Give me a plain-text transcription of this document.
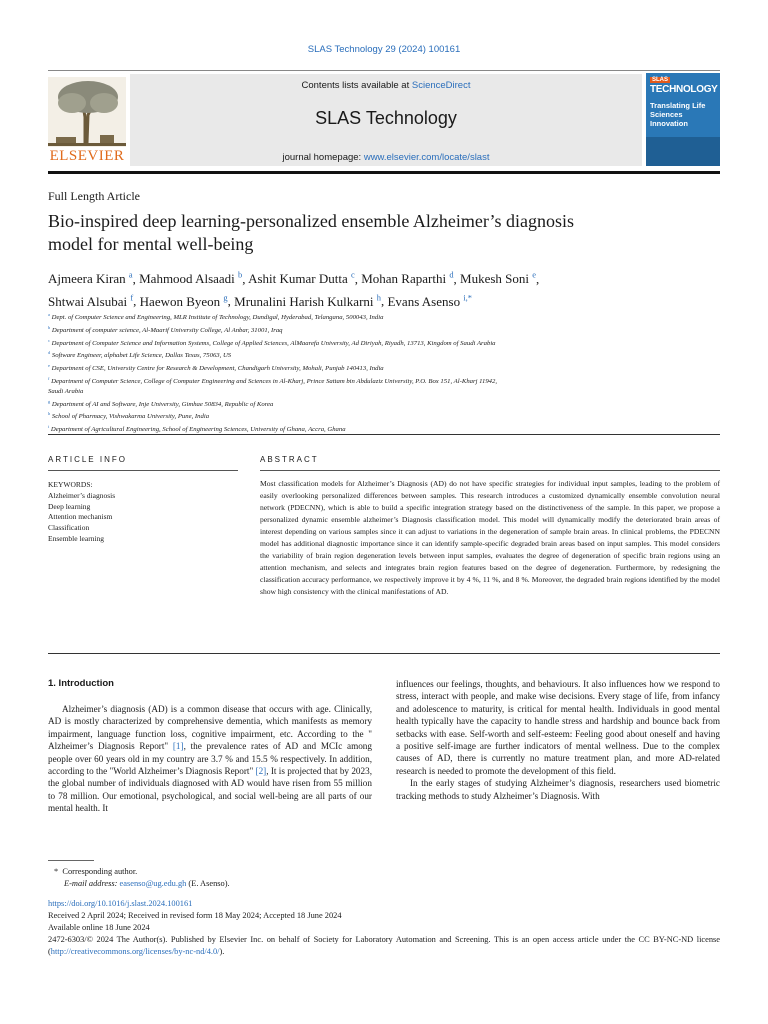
SLAS Technology 29 (2024) 100161
ELSEVIER
Contents lists available at ScienceDirect
SLAS Technology
journal homepage: www.elsevier.com/locate/slast
SLAS
TECHNOLOGY
Translating Life Sciences Innovation
Full Length Article
Bio-inspired deep learning-personalized ensemble Alzheimer’s diagnosis
model for mental well-being
Ajmeera Kiran $^a$, Mahmood Alsaadi $^b$, Ashit Kumar Dutta $^c$, Mohan Raparthi $^d$, Mukesh Soni $^e$,
Shtwai Alsubai $^f$, Haewon Byeon $^g$, Mrunalini Harish Kulkarni $^h$, Evans Asenso $^{i,*}$
$^a$ Dept. of Computer Science and Engineering, MLR Institute of Technology, Dundigal, Hyderabad, Telangana, 500043, India
$^b$ Department of computer science, Al-Maarif University College, Al Anbar, 31001, Iraq
$^c$ Department of Computer Science and Information Systems, College of Applied Sciences, AlMaarefa University, Ad Diriyah, Riyadh, 13713, Kingdom of Saudi Arabia
$^d$ Software Engineer, alphabet Life Science, Dallas Texas, 75063, US
$^e$ Department of CSE, University Centre for Research & Development, Chandigarh University, Mohali, Punjab 140413, India
$^f$ Department of Computer Science, College of Computer Engineering and Sciences in Al-Kharj, Prince Sattam bin Abdulaziz University, P.O. Box 151, Al-Kharj 11942,
Saudi Arabia
$^g$ Department of AI and Software, Inje University, Gimhae 50834, Republic of Korea
$^h$ School of Pharmacy, Vishwakarma University, Pune, India
$^i$ Department of Agricultural Engineering, School of Engineering Sciences, University of Ghana, Accra, Ghana
ARTICLE INFO
KEYWORDS:
Alzheimer’s diagnosis
Deep learning
Attention mechanism
Classification
Ensemble learning
ABSTRACT
Most classification models for Alzheimer’s Diagnosis (AD) do not have specific strategies for individual input samples, leading to the problem of easily overlooking personalized differences between samples. This research introduces a customized dynamically ensemble convolution neural network (PDECNN), which is able to build a specific integration strategy based on the distinctiveness of the sample. In this paper, we propose a personalized dynamic ensemble alzheimer’s Diagnosis classification model. This model will dynamically modify the deteriorated brain areas of interest depending on various samples since it can adjust to variations in the degeneration of sample brain areas. In clinical problems, the PDECNN model has additional diagnostic importance since it can identify sample-specific degraded brain areas based on input samples. This model considers the variability of brain region degeneration levels between input samples, evaluates the degree of degeneration of specific brain regions using an attention mechanism, and selects and integrates brain region features based on the degree of degeneration. Furthermore, by redesigning the classification accuracy performance, we respectively improve it by 4 %, 11 %, and 8 %. Moreover, the degraded brain regions identified by the model show high consistency with the clinical manifestations of AD.
1. Introduction

Alzheimer’s diagnosis (AD) is a common disease that occurs with age. Clinically, AD is mostly characterized by comprehensive dementia, which manifests as memory impairment, language function loss, cognitive impairment, etc. According to the " Alzheimer’s Diagnosis Report" [1], the prevalence rates of AD and MCIc among people over 60 years old in my country are 3.7 % and 15.5 % respectively. In addition, according to the "World Alzheimer’s Diagnosis Report" [2], It is projected that by 2023, the global number of individuals diagnosed with AD would have risen from 55 million to 78 million. Our emotional, psychological, and social well-being are all parts of our mental health. It

influences our feelings, thoughts, and behaviours. It also influences how we respond to stress, interact with people, and make wise decisions. Every stage of life, from infancy and adolescence to maturity, is critical for mental health. Individuals in good mental health typically have the capacity to handle stress and hardship and bounce back from setbacks with ease. Self-worth and self-esteem: Feeling good about oneself and having a positive self-image are further indicators of mental wellness. Due to the complex causes of AD, there is currently no mature treatment plan, and more AD-related research is needed to promote the development of this field.

In the early stages of studying Alzheimer’s diagnosis, researchers used biometric tracking methods to study Alzheimer’s Diagnosis. With

* Corresponding author.
E-mail address: easenso@ug.edu.gh (E. Asenso).
https://doi.org/10.1016/j.slast.2024.100161
Received 2 April 2024; Received in revised form 18 May 2024; Accepted 18 June 2024
Available online 18 June 2024
2472-6303/© 2024 The Author(s). Published by Elsevier Inc. on behalf of Society for Laboratory Automation and Screening. This is an open access article under the CC BY-NC-ND license (http://creativecommons.org/licenses/by-nc-nd/4.0/).
